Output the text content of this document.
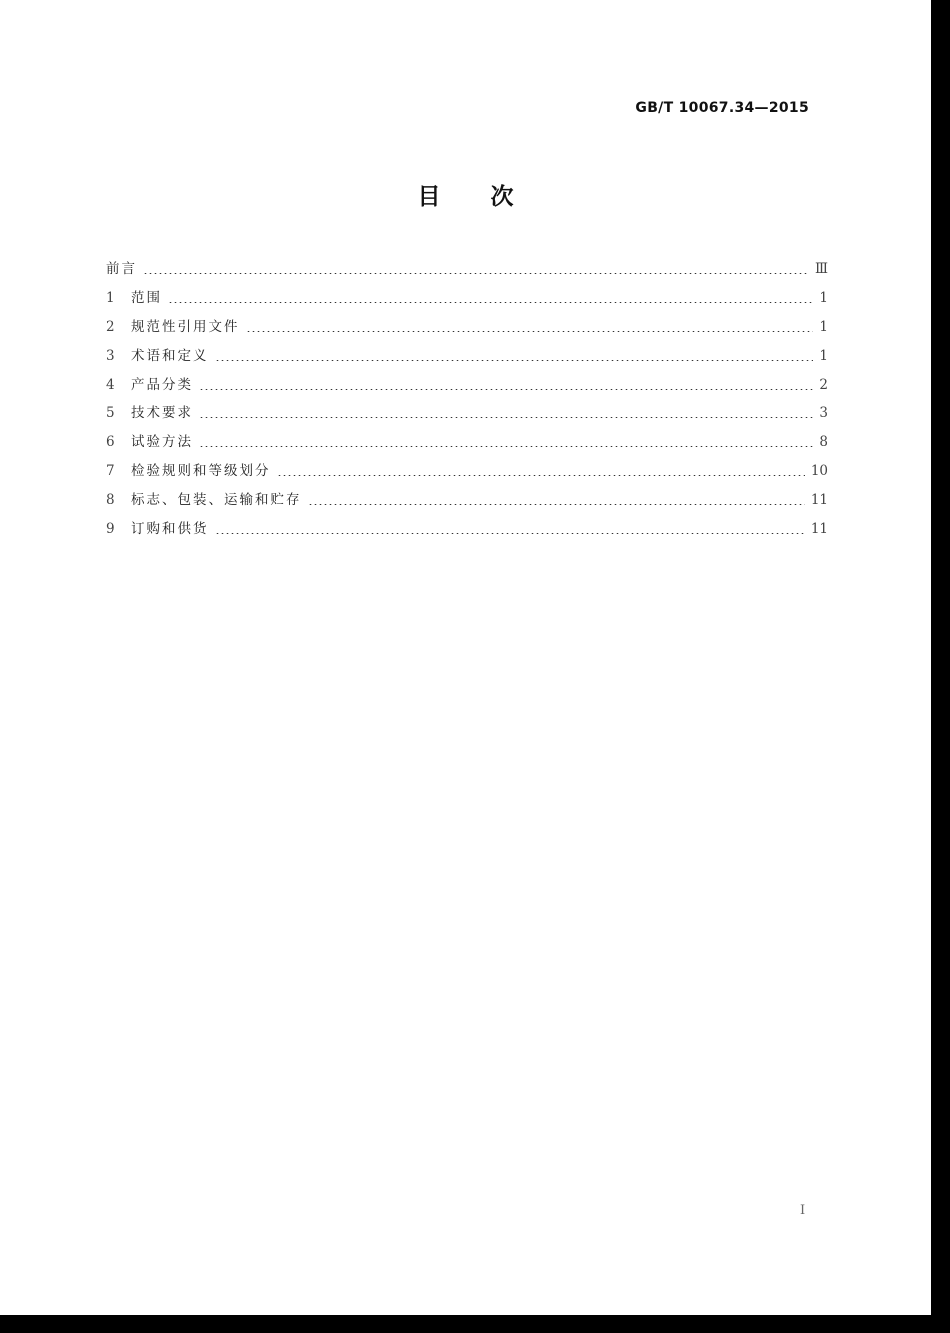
GB/T 10067.34—2015
目次
前言	Ⅲ
1	范围	1
2	规范性引用文件	1
3	术语和定义	1
4	产品分类	2
5	技术要求	3
6	试验方法	8
7	检验规则和等级划分	10
8	标志、包装、运输和贮存	11
9	订购和供货	11
I
